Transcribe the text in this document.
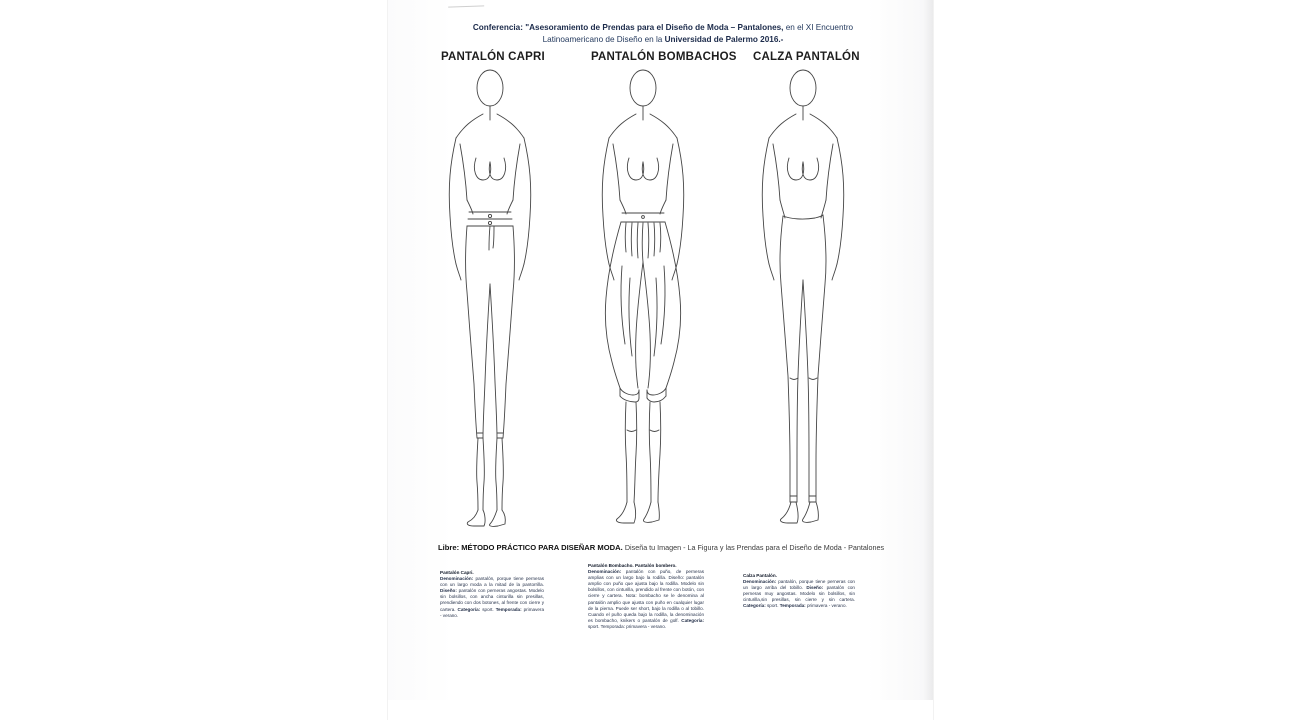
Conferencia: "Asesoramiento de Prendas para el Diseño de Moda – Pantalones, en el XI Encuentro
Latinoamericano de Diseño en la Universidad de Palermo 2016.-
PANTALÓN CAPRI	PANTALÓN BOMBACHOS CALZA PANTALÓN
Libre: MÉTODO PRÁCTICO PARA DISEÑAR MODA. Diseña tu Imagen - La Figura y las Prendas para el Diseño de Moda - Pantalones
Pantalón Capri.
Denominación: pantalón, porque tiene perneras con un largo moda a la mitad de la pantorrilla. Diseño: pantalón con perneras angostas. Modelo sin bolsillos, con ancha cinturilla sin presillas, prendiendo con dos botones, al frente con cierre y cartera. Categoría: sport. Temporada: primavera - verano.
Pantalón Bombacho. Pantalón bombero.
Denominación: pantalón con puño, de perneras amplias con un largo bajo la rodilla. Diseño: pantalón amplio con puño que ajusta bajo la rodilla. Modelo sin bolsillos, con cinturilla, prendido al frente con botón, con cierre y cartera. Nota: bombacho se le denomina al pantalón amplio que ajusta con puño en cualquier lugar de la pierna. Puede ser short, bajo la rodilla o al tobillo. Cuando el puño queda bajo la rodilla, la denominación es bombacho, knikers o pantalón de golf. Categoría: sport. Temporada: primavera - verano.
Calza Pantalón.
Denominación: pantalón, porque tiene perneras con un largo arriba del tobillo. Diseño: pantalón con perneras muy angostas. Modelo sin bolsillos, sin cinturilla,sin presillas, sin cierre y sin cartera. Categoría: sport. Temporada: primavera - verano.
